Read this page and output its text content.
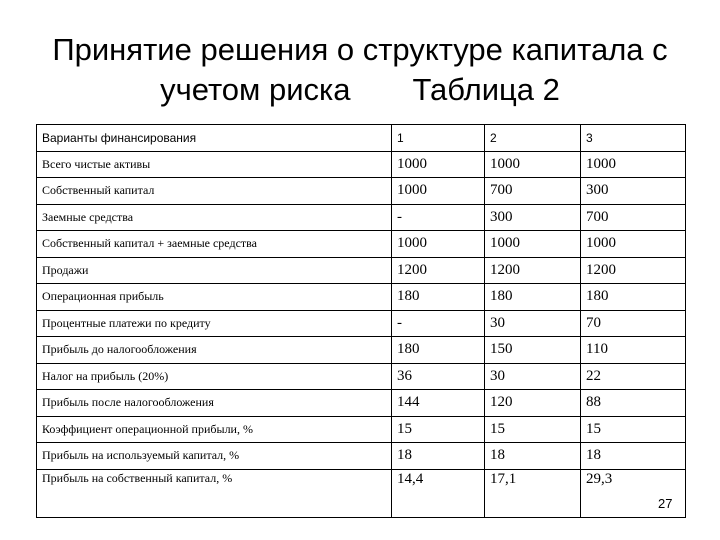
Принятие решения о структуре капитала с

учетом риска Таблица 2
Варианты финансирования	1	2	3
Всего чистые активы	1000	1000	1000
Собственный капитал	1000	700	300
Заемные средства	-	300	700
Собственный капитал + заемные средства	1000	1000	1000
Продажи	1200	1200	1200
Операционная прибыль	180	180	180
Процентные платежи по кредиту	-	30	70
Прибыль до налогообложения	180	150	110
Налог на прибыль (20%)	36	30	22
Прибыль после налогообложения	144	120	88
Коэффициент операционной прибыли, %	15	15	15
Прибыль на используемый капитал, %	18	18	18
Прибыль на собственный капитал, %	14,4	17,1	29,3
27
